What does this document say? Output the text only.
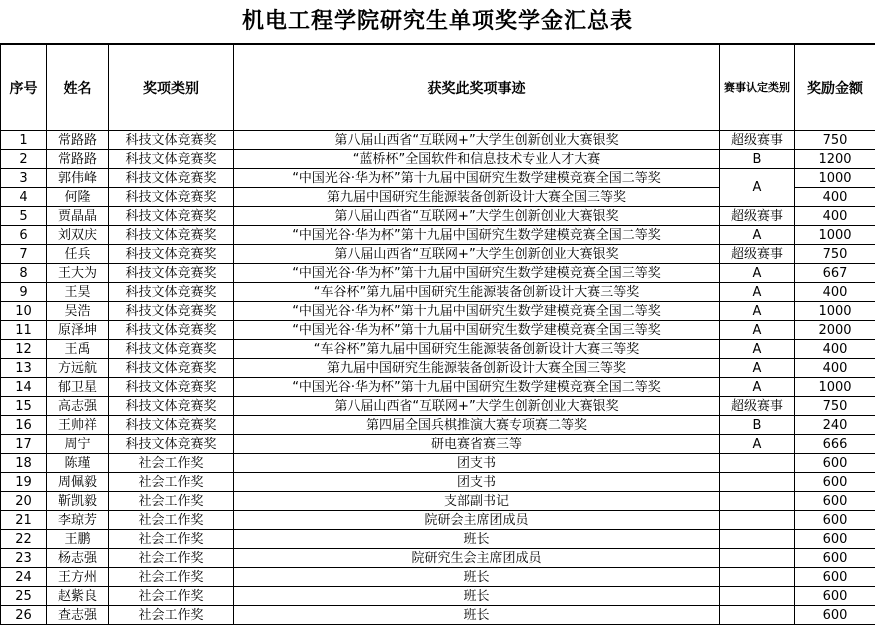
机电工程学院研究生单项奖学金汇总表
序号	姓名	奖项类别	获奖此奖项事迹	赛事认定类别	奖励金额
1	常路路	科技文体竞赛奖	第八届山西省“互联网+”大学生创新创业大赛银奖	超级赛事	750
2	常路路	科技文体竞赛奖	“蓝桥杯”全国软件和信息技术专业人才大赛	B	1200
3	郭伟峰	科技文体竞赛奖	“中国光谷·华为杯”第十九届中国研究生数学建模竞赛全国二等奖	A	1000
4	何隆	科技文体竞赛奖	第九届中国研究生能源装备创新设计大赛全国三等奖		400
5	贾晶晶	科技文体竞赛奖	第八届山西省“互联网+”大学生创新创业大赛银奖	超级赛事	400
6	刘双庆	科技文体竞赛奖	“中国光谷·华为杯”第十九届中国研究生数学建模竞赛全国二等奖	A	1000
7	任兵	科技文体竞赛奖	第八届山西省“互联网+”大学生创新创业大赛银奖	超级赛事	750
8	王大为	科技文体竞赛奖	“中国光谷·华为杯”第十九届中国研究生数学建模竞赛全国三等奖	A	667
9	王昊	科技文体竞赛奖	“车谷杯”第九届中国研究生能源装备创新设计大赛三等奖	A	400
10	吴浩	科技文体竞赛奖	“中国光谷·华为杯”第十九届中国研究生数学建模竞赛全国二等奖	A	1000
11	原泽坤	科技文体竞赛奖	“中国光谷·华为杯”第十九届中国研究生数学建模竞赛全国三等奖	A	2000
12	王禹	科技文体竞赛奖	“车谷杯”第九届中国研究生能源装备创新设计大赛三等奖	A	400
13	方远航	科技文体竞赛奖	第九届中国研究生能源装备创新设计大赛全国三等奖	A	400
14	郁卫星	科技文体竞赛奖	“中国光谷·华为杯”第十九届中国研究生数学建模竞赛全国二等奖	A	1000
15	高志强	科技文体竞赛奖	第八届山西省“互联网+”大学生创新创业大赛银奖	超级赛事	750
16	王帅祥	科技文体竞赛奖	第四届全国兵棋推演大赛专项赛二等奖	B	240
17	周宁	科技文体竞赛奖	研电赛省赛三等	A	666
18	陈瑾	社会工作奖	团支书		600
19	周佩毅	社会工作奖	团支书		600
20	靳凯毅	社会工作奖	支部副书记		600
21	李琼芳	社会工作奖	院研会主席团成员		600
22	王鹏	社会工作奖	班长		600
23	杨志强	社会工作奖	院研究生会主席团成员		600
24	王方州	社会工作奖	班长		600
25	赵紫良	社会工作奖	班长		600
26	查志强	社会工作奖	班长		600
